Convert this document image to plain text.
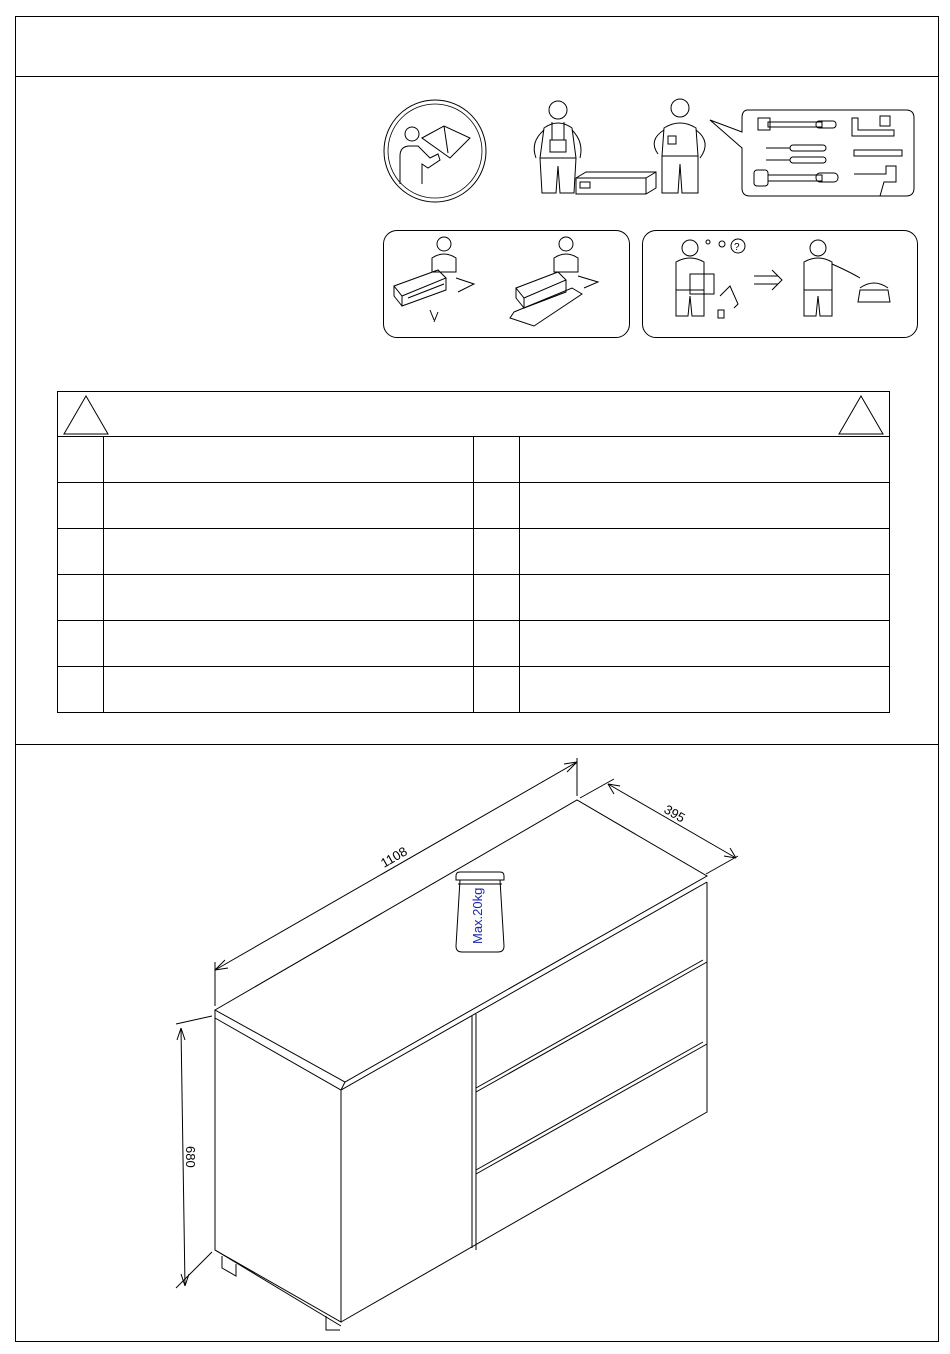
?

1108
395
680
Max.20kg
